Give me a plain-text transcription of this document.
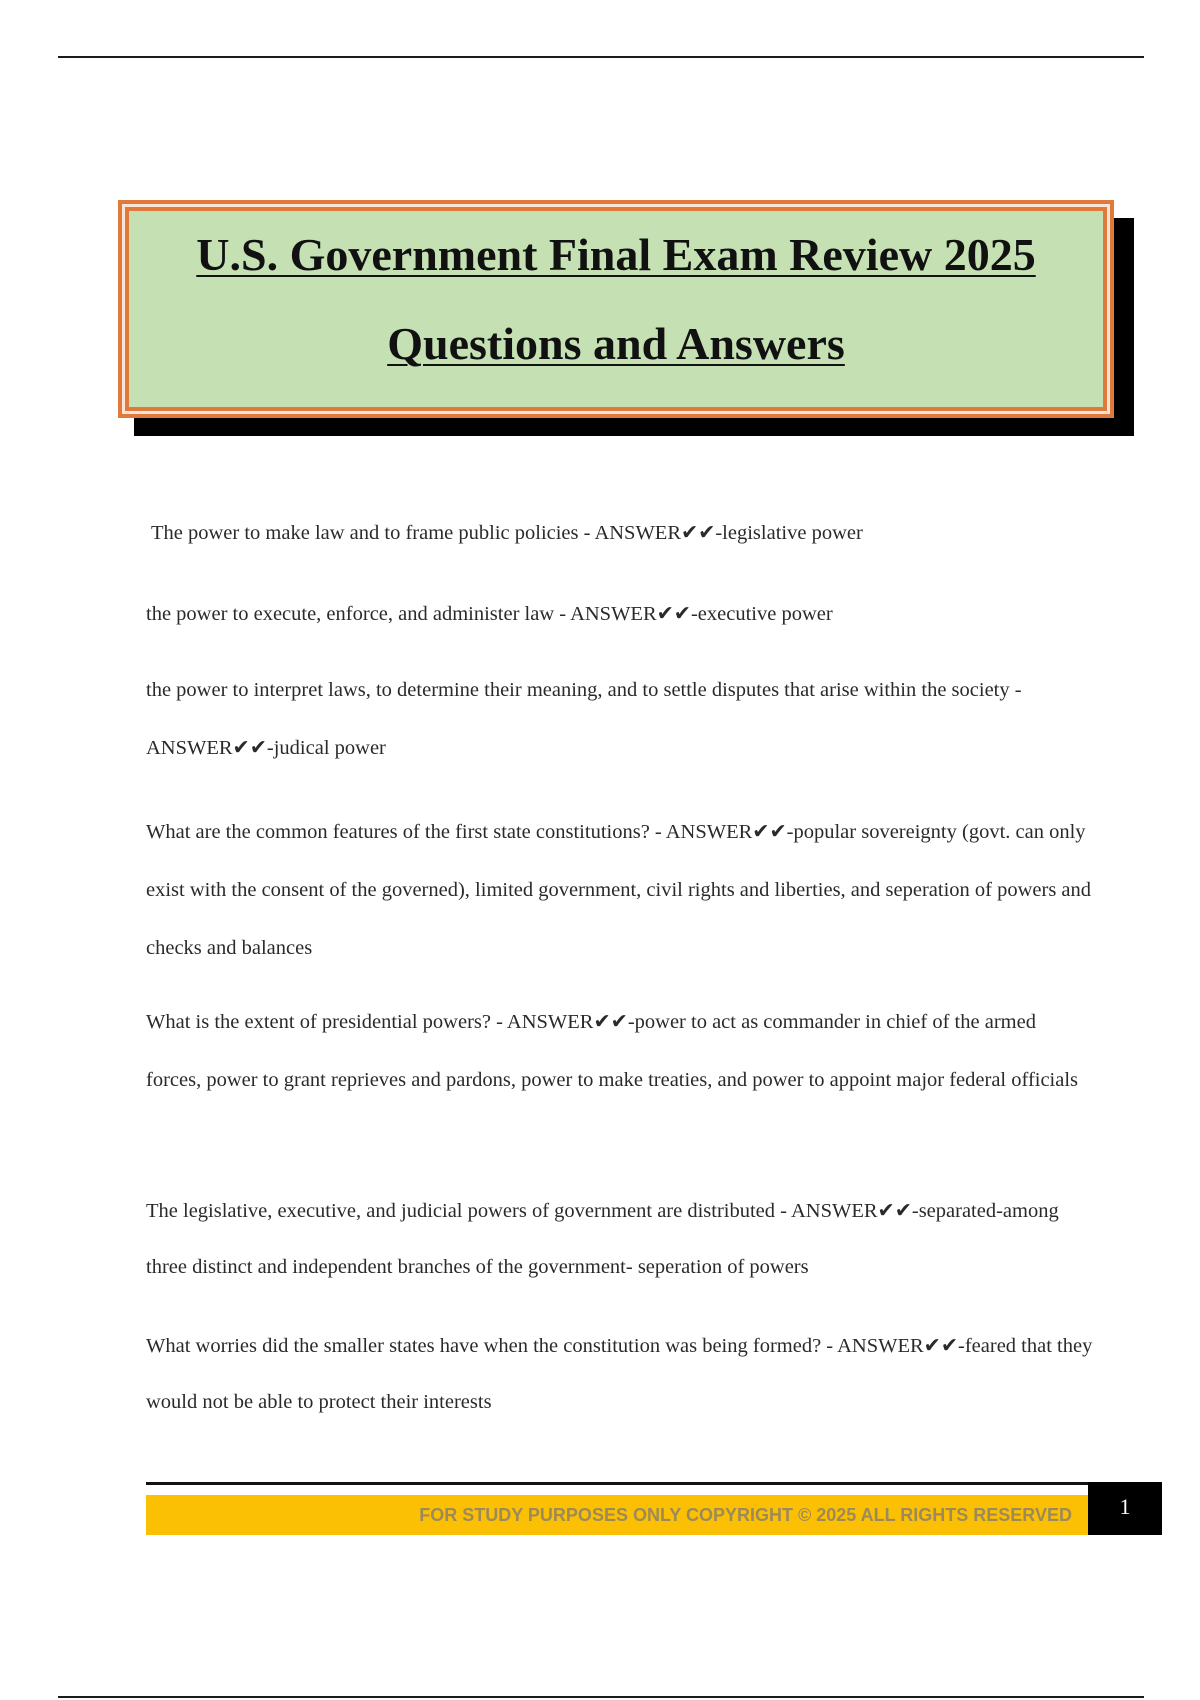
U.S. Government Final Exam Review 2025
Questions and Answers
The power to make law and to frame public policies - ANSWER✔✔-legislative power
the power to execute, enforce, and administer law - ANSWER✔✔-executive power
the power to interpret laws, to determine their meaning, and to settle disputes that arise within the society - ANSWER✔✔-judical power
What are the common features of the first state constitutions? - ANSWER✔✔-popular sovereignty (govt. can only exist with the consent of the governed), limited government, civil rights and liberties, and seperation of powers and checks and balances
What is the extent of presidential powers? - ANSWER✔✔-power to act as commander in chief of the armed forces, power to grant reprieves and pardons, power to make treaties, and power to appoint major federal officials
The legislative, executive, and judicial powers of government are distributed - ANSWER✔✔-separated-among three distinct and independent branches of the government- seperation of powers
What worries did the smaller states have when the constitution was being formed? - ANSWER✔✔-feared that they would not be able to protect their interests
FOR STUDY PURPOSES ONLY COPYRIGHT © 2025 ALL RIGHTS RESERVED	1
